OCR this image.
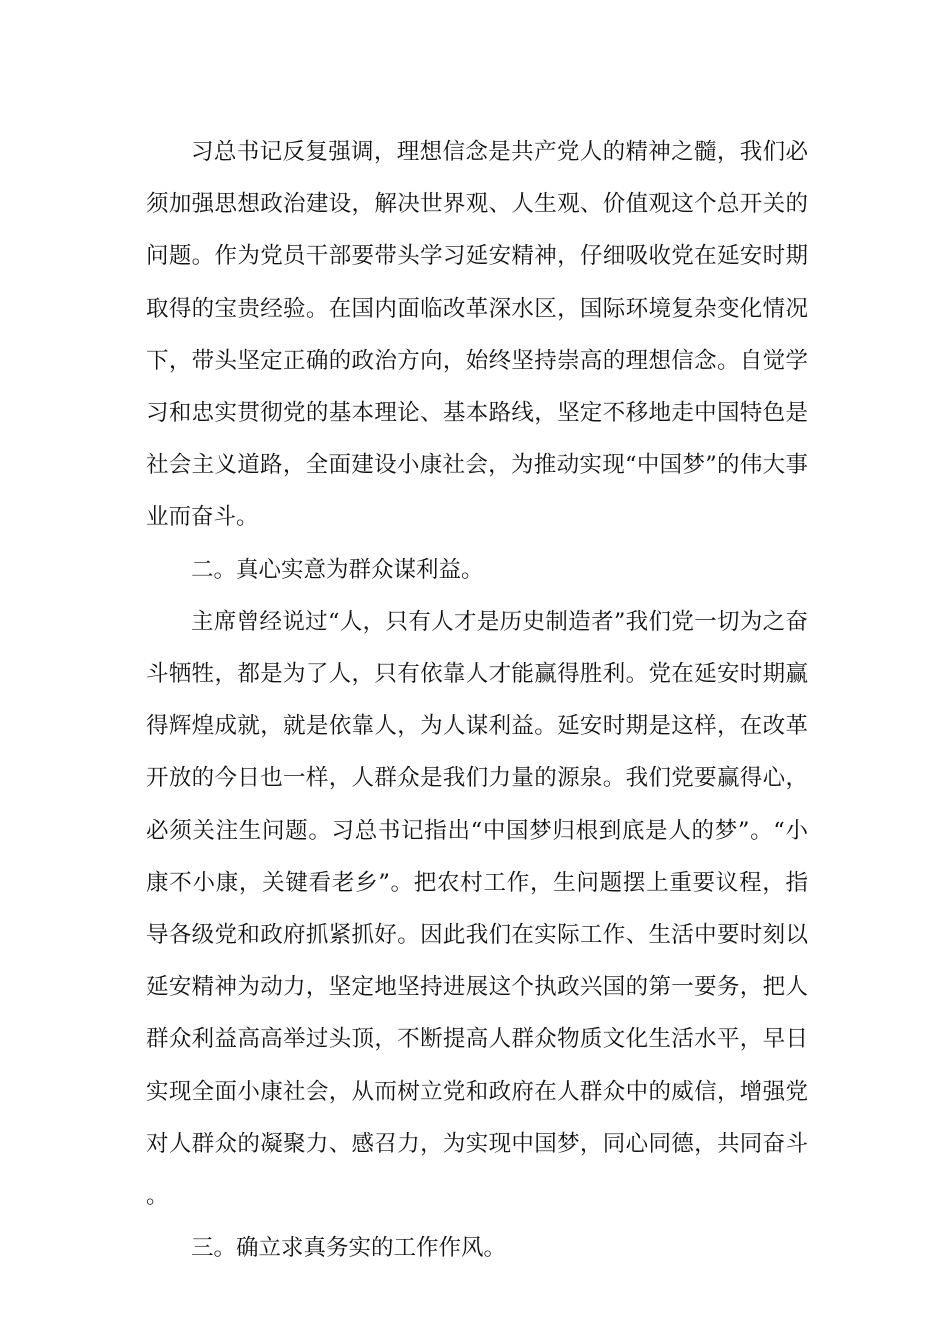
习总书记反复强调，理想信念是共产党人的精神之髓，我们必须加强思想政治建设，解决世界观、人生观、价值观这个总开关的问题。作为党员干部要带头学习延安精神，仔细吸收党在延安时期取得的宝贵经验。在国内面临改革深水区，国际环境复杂变化情况下，带头坚定正确的政治方向，始终坚持崇高的理想信念。自觉学习和忠实贯彻党的基本理论、基本路线，坚定不移地走中国特色是社会主义道路，全面建设小康社会，为推动实现“中国梦”的伟大事业而奋斗。

二。真心实意为群众谋利益。

主席曾经说过“人，只有人才是历史制造者”我们党一切为之奋斗牺牲，都是为了人，只有依靠人才能赢得胜利。党在延安时期赢得辉煌成就，就是依靠人，为人谋利益。延安时期是这样，在改革开放的今日也一样，人群众是我们力量的源泉。我们党要赢得心，必须关注生问题。习总书记指出“中国梦归根到底是人的梦”。“小康不小康，关键看老乡”。把农村工作，生问题摆上重要议程，指导各级党和政府抓紧抓好。因此我们在实际工作、生活中要时刻以延安精神为动力，坚定地坚持进展这个执政兴国的第一要务，把人群众利益高高举过头顶，不断提高人群众物质文化生活水平，早日实现全面小康社会，从而树立党和政府在人群众中的威信，增强党对人群众的凝聚力、感召力，为实现中国梦，同心同德，共同奋斗。

三。确立求真务实的工作作风。
